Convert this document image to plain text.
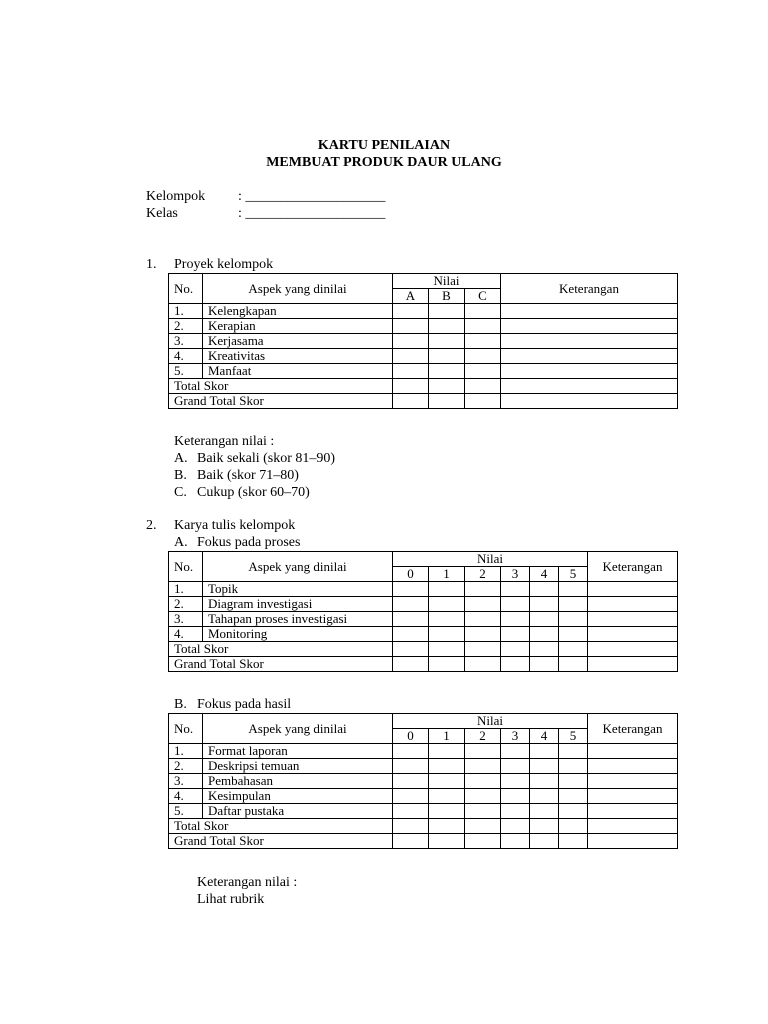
KARTU PENILAIAN
MEMBUAT PRODUK DAUR ULANG
Kelompok : ____________________
Kelas	: ____________________
1. Proyek kelompok
No.	Aspek yang dinilai	Nilai			Keterangan
		A	B	C	
1.	Kelengkapan				
2.	Kerapian				
3.	Kerjasama				
4.	Kreativitas				
5.	Manfaat				
Total Skor					
Grand Total Skor					
Keterangan nilai :
A. Baik sekali (skor 81–90)
B. Baik (skor 71–80)
C. Cukup (skor 60–70)
2. Karya tulis kelompok
A. Fokus pada proses
No.	Aspek yang dinilai	Nilai						Keterangan
		0	1	2	3	4	5	
1.	Topik							
2.	Diagram investigasi							
3.	Tahapan proses investigasi							
4.	Monitoring							
Total Skor								
Grand Total Skor								
B. Fokus pada hasil
No.	Aspek yang dinilai	Nilai						Keterangan
		0	1	2	3	4	5	
1.	Format laporan							
2.	Deskripsi temuan							
3.	Pembahasan							
4.	Kesimpulan							
5.	Daftar pustaka							
Total Skor								
Grand Total Skor								
Keterangan nilai :
Lihat rubrik
